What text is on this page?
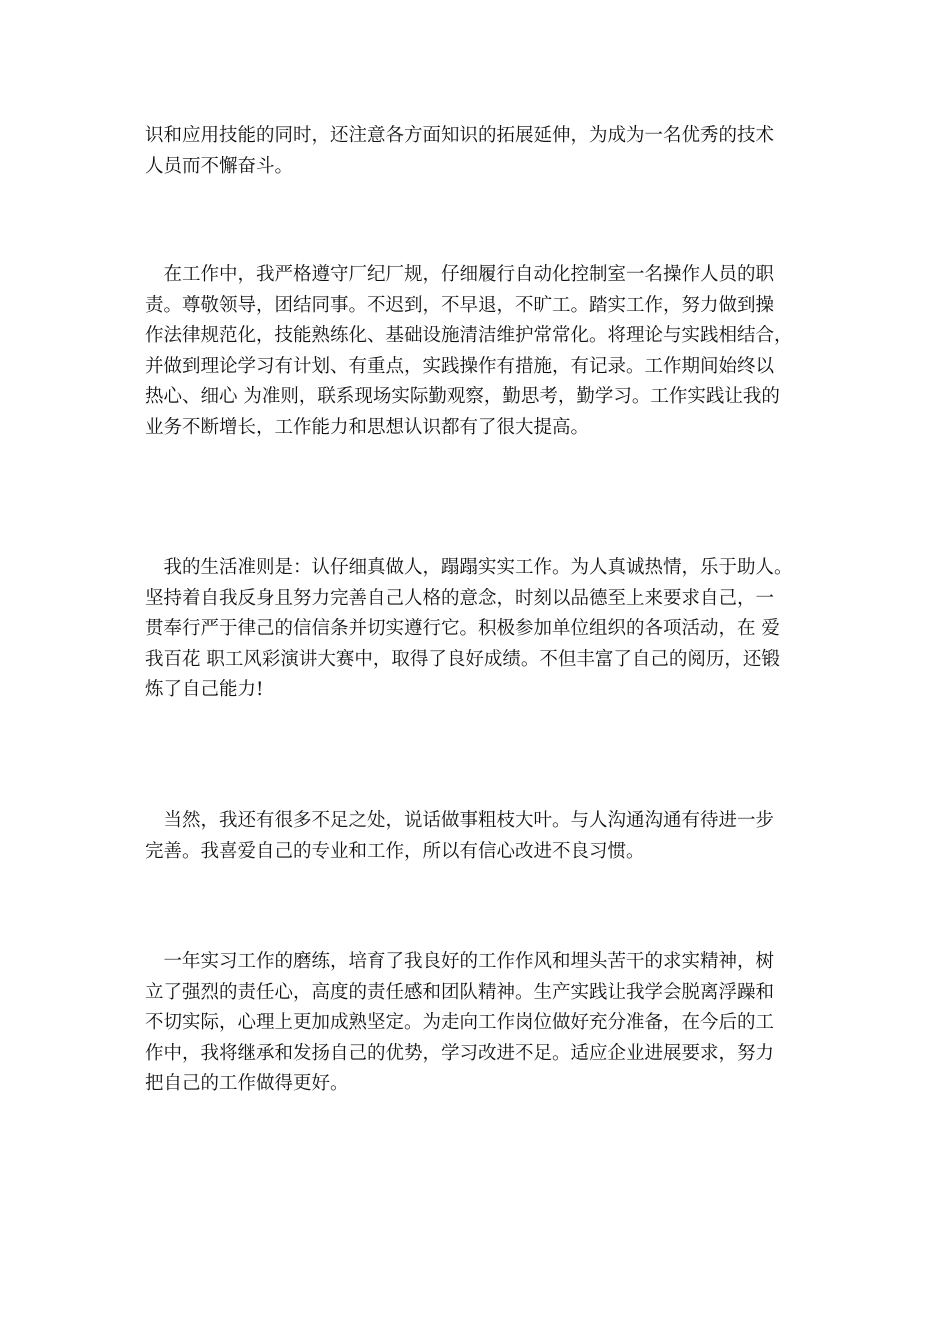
识和应用技能的同时，还注意各方面知识的拓展延伸，为成为一名优秀的技术
人员而不懈奋斗。
　在工作中，我严格遵守厂纪厂规，仔细履行自动化控制室一名操作人员的职
责。尊敬领导，团结同事。不迟到，不早退，不旷工。踏实工作，努力做到操
作法律规范化，技能熟练化、基础设施清洁维护常常化。将理论与实践相结合，
并做到理论学习有计划、有重点，实践操作有措施，有记录。工作期间始终以
热心、细心 为准则，联系现场实际勤观察，勤思考，勤学习。工作实践让我的
业务不断增长，工作能力和思想认识都有了很大提高。
　我的生活准则是：认仔细真做人，蹋蹋实实工作。为人真诚热情，乐于助人。
坚持着自我反身且努力完善自己人格的意念，时刻以品德至上来要求自己，一
贯奉行严于律己的信信条并切实遵行它。积极参加单位组织的各项活动，在 爱
我百花 职工风彩演讲大赛中，取得了良好成绩。不但丰富了自己的阅历，还锻
炼了自己能力!
　当然，我还有很多不足之处，说话做事粗枝大叶。与人沟通沟通有待进一步
完善。我喜爱自己的专业和工作，所以有信心改进不良习惯。
　一年实习工作的磨练，培育了我良好的工作作风和埋头苦干的求实精神，树
立了强烈的责任心，高度的责任感和团队精神。生产实践让我学会脱离浮躁和
不切实际，心理上更加成熟坚定。为走向工作岗位做好充分准备，在今后的工
作中，我将继承和发扬自己的优势，学习改进不足。适应企业进展要求，努力
把自己的工作做得更好。
